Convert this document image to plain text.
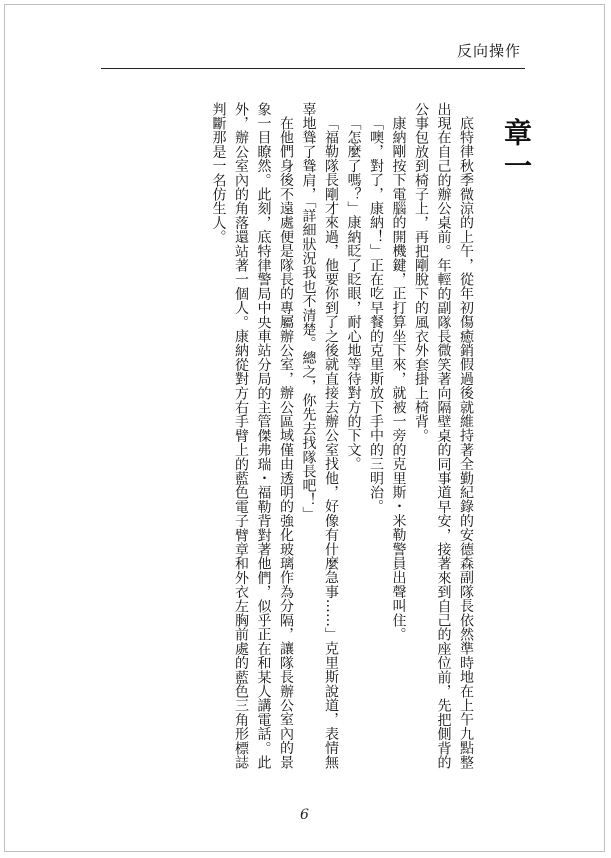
反向操作
章一

底特律秋季微涼的上午，從年初傷癒銷假過後就維持著全勤紀錄的安德森副隊長依然準時地在上午九點整出現在自己的辦公桌前。年輕的副隊長微笑著向隔壁桌的同事道早安，接著來到自己的座位前，先把側背的公事包放到椅子上，再把剛脫下的風衣外套掛上椅背。

康納剛按下電腦的開機鍵，正打算坐下來，就被一旁的克里斯・米勒警員出聲叫住。

「噢，對了，康納！」正在吃早餐的克里斯放下手中的三明治。

「怎麼了嗎？」康納眨了眨眼，耐心地等待對方的下文。

「福勒隊長剛才來過，他要你到了之後就直接去辦公室找他，好像有什麼急事……」克里斯說道，表情無辜地聳了聳肩，「詳細狀況我也不清楚。總之，你先去找隊長吧！」

在他們身後不遠處便是隊長的專屬辦公室，辦公區域僅由透明的強化玻璃作為分隔，讓隊長辦公室內的景象一目瞭然。此刻，底特律警局中央車站分局的主管傑弗瑞・福勒背對著他們，似乎正在和某人講電話。此外，辦公室內的角落還站著一個人。康納從對方右手臂上的藍色電子臂章和外衣左胸前處的藍色三角形標誌判斷那是一名仿生人。

6
